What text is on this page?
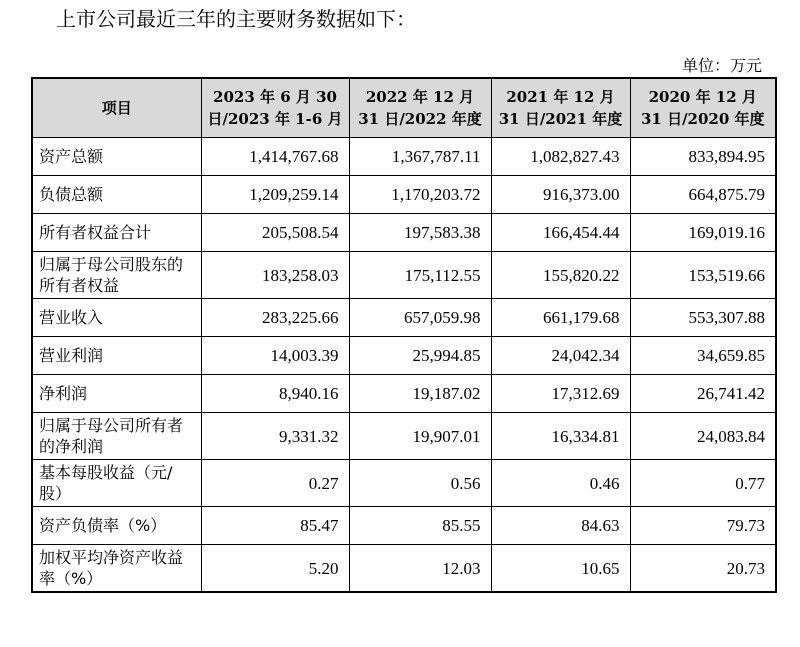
上市公司最近三年的主要财务数据如下：
单位：万元
项目	2023 年 6 月 30 日/2023 年 1-6 月	2022 年 12 月 31 日/2022 年度	2021 年 12 月 31 日/2021 年度	2020 年 12 月 31 日/2020 年度
资产总额	1,414,767.68	1,367,787.11	1,082,827.43	833,894.95
负债总额	1,209,259.14	1,170,203.72	916,373.00	664,875.79
所有者权益合计	205,508.54	197,583.38	166,454.44	169,019.16
归属于母公司股东的所有者权益	183,258.03	175,112.55	155,820.22	153,519.66
营业收入	283,225.66	657,059.98	661,179.68	553,307.88
营业利润	14,003.39	25,994.85	24,042.34	34,659.85
净利润	8,940.16	19,187.02	17,312.69	26,741.42
归属于母公司所有者的净利润	9,331.32	19,907.01	16,334.81	24,083.84
基本每股收益（元/股）	0.27	0.56	0.46	0.77
资产负债率（%）	85.47	85.55	84.63	79.73
加权平均净资产收益率（%）	5.20	12.03	10.65	20.73
